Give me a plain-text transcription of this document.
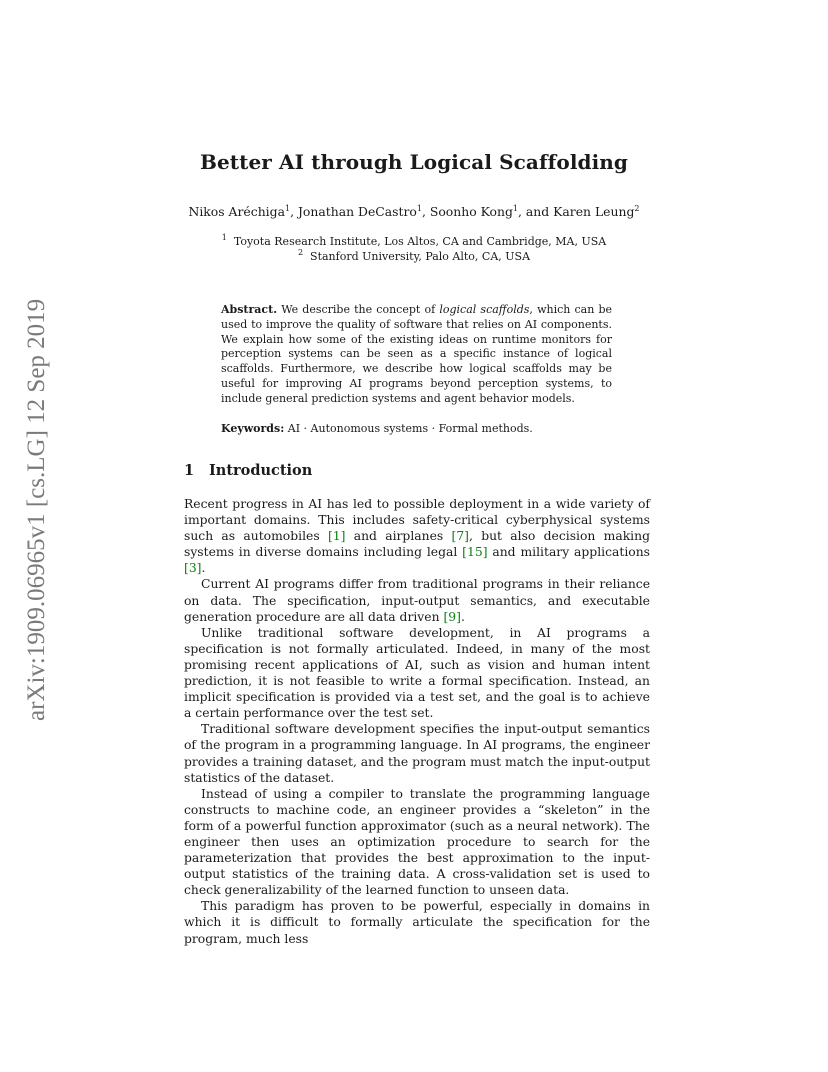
arXiv:1909.06965v1 [cs.LG] 12 Sep 2019
Better AI through Logical Scaffolding
Nikos Aréchiga$^1$, Jonathan DeCastro$^1$, Soonho Kong$^1$, and Karen Leung$^2$
$^1$ Toyota Research Institute, Los Altos, CA and Cambridge, MA, USA
$^2$ Stanford University, Palo Alto, CA, USA
Abstract. We describe the concept of logical scaffolds, which can be used to improve the quality of software that relies on AI components. We explain how some of the existing ideas on runtime monitors for perception systems can be seen as a specific instance of logical scaffolds. Furthermore, we describe how logical scaffolds may be useful for improving AI programs beyond perception systems, to include general prediction systems and agent behavior models.
Keywords: AI · Autonomous systems · Formal methods.
1 Introduction

Recent progress in AI has led to possible deployment in a wide variety of important domains. This includes safety-critical cyberphysical systems such as automobiles [1] and airplanes [7], but also decision making systems in diverse domains including legal [15] and military applications [3].

Current AI programs differ from traditional programs in their reliance on data. The specification, input-output semantics, and executable generation procedure are all data driven [9].

Unlike traditional software development, in AI programs a specification is not formally articulated. Indeed, in many of the most promising recent applications of AI, such as vision and human intent prediction, it is not feasible to write a formal specification. Instead, an implicit specification is provided via a test set, and the goal is to achieve a certain performance over the test set.

Traditional software development specifies the input-output semantics of the program in a programming language. In AI programs, the engineer provides a training dataset, and the program must match the input-output statistics of the dataset.

Instead of using a compiler to translate the programming language constructs to machine code, an engineer provides a “skeleton” in the form of a powerful function approximator (such as a neural network). The engineer then uses an optimization procedure to search for the parameterization that provides the best approximation to the input-output statistics of the training data. A cross-validation set is used to check generalizability of the learned function to unseen data.

This paradigm has proven to be powerful, especially in domains in which it is difficult to formally articulate the specification for the program, much less
